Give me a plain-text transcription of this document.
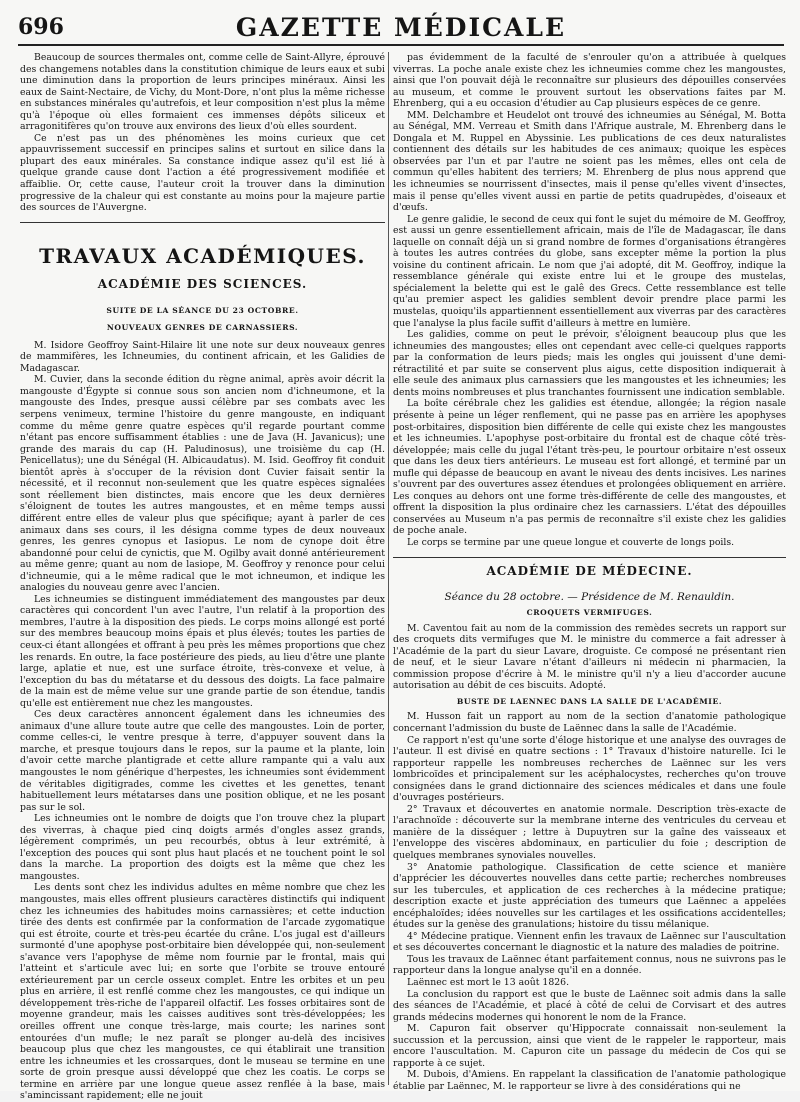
696	GAZETTE MÉDICALE

Beaucoup de sources thermales ont, comme celle de Saint-Allyre, éprouvé des changemens notables dans la constitution chimique de leurs eaux et subi une diminution dans la proportion de leurs principes minéraux. Ainsi les eaux de Saint-Nectaire, de Vichy, du Mont-Dore, n'ont plus la même richesse en substances minérales qu'autrefois, et leur composition n'est plus la même qu'à l'époque où elles formaient ces immenses dépôts siliceux et arragonitifères qu'on trouve aux environs des lieux d'où elles sourdent.

Ce n'est pas un des phénomènes les moins curieux que cet appauvrissement successif en principes salins et surtout en silice dans la plupart des eaux minérales. Sa constance indique assez qu'il est lié à quelque grande cause dont l'action a été progressivement modifiée et affaiblie. Or, cette cause, l'auteur croit la trouver dans la diminution progressive de la chaleur qui est constante au moins pour la majeure partie des sources de l'Auvergne.

TRAVAUX ACADÉMIQUES.
ACADÉMIE DES SCIENCES.
SUITE DE LA SÉANCE DU 23 OCTOBRE.
NOUVEAUX GENRES DE CARNASSIERS.

M. Isidore Geoffroy Saint-Hilaire lit une note sur deux nouveaux genres de mammifères, les Ichneumies, du continent africain, et les Galidies de Madagascar.

M. Cuvier, dans la seconde édition du règne animal, après avoir décrit la mangouste d'Égypte si connue sous son ancien nom d'ichneumone, et la mangouste des Indes, presque aussi célèbre par ses combats avec les serpens venimeux, termine l'histoire du genre mangouste, en indiquant comme du même genre quatre espèces qu'il regarde pourtant comme n'étant pas encore suffisamment établies : une de Java (H. Javanicus); une grande des marais du cap (H. Paludinosus), une troisième du cap (H. Penicellatus); une du Sénégal (H. Albicaudatus). M. Isid. Geoffroy fit conduit bientôt après à s'occuper de la révision dont Cuvier faisait sentir la nécessité, et il reconnut non-seulement que les quatre espèces signalées sont réellement bien distinctes, mais encore que les deux dernières s'éloignent de toutes les autres mangoustes, et en même temps aussi différent entre elles de valeur plus que spécifique; ayant à parler de ces animaux dans ses cours, il les désigna comme types de deux nouveaux genres, les genres cynopus et Iasiopus. Le nom de cynope doit être abandonné pour celui de cynictis, que M. Ogilby avait donné antérieurement au même genre; quant au nom de lasiope, M. Geoffroy y renonce pour celui d'ichneumie, qui a le même radical que le mot ichneumon, et indique les analogies du nouveau genre avec l'ancien.

Les ichneumies se distinguent immédiatement des mangoustes par deux caractères qui concordent l'un avec l'autre, l'un relatif à la proportion des membres, l'autre à la disposition des pieds. Le corps moins allongé est porté sur des membres beaucoup moins épais et plus élevés; toutes les parties de ceux-ci étant allongées et offrant à peu près les mêmes proportions que chez les renards. En outre, la face postérieure des pieds, au lieu d'être une plante large, aplatie et nue, est une surface étroite, très-convexe et velue, à l'exception du bas du métatarse et du dessous des doigts. La face palmaire de la main est de même velue sur une grande partie de son étendue, tandis qu'elle est entièrement nue chez les mangoustes.

Ces deux caractères annoncent également dans les ichneumies des animaux d'une allure toute autre que celle des mangoustes. Loin de porter, comme celles-ci, le ventre presque à terre, d'appuyer souvent dans la marche, et presque toujours dans le repos, sur la paume et la plante, loin d'avoir cette marche plantigrade et cette allure rampante qui a valu aux mangoustes le nom générique d'herpestes, les ichneumies sont évidemment de véritables digitigrades, comme les civettes et les genettes, tenant habituellement leurs métatarses dans une position oblique, et ne les posant pas sur le sol.

Les ichneumies ont le nombre de doigts que l'on trouve chez la plupart des viverras, à chaque pied cinq doigts armés d'ongles assez grands, légèrement comprimés, un peu recourbés, obtus à leur extrémité, à l'exception des pouces qui sont plus haut placés et ne touchent point le sol dans la marche. La proportion des doigts est la même que chez les mangoustes.

Les dents sont chez les individus adultes en même nombre que chez les mangoustes, mais elles offrent plusieurs caractères distinctifs qui indiquent chez les ichneumies des habitudes moins carnassières; et cette induction tirée des dents est confirmée par la conformation de l'arcade zygomatique qui est étroite, courte et très-peu écartée du crâne. L'os jugal est d'ailleurs surmonté d'une apophyse post-orbitaire bien développée qui, non-seulement s'avance vers l'apophyse de même nom fournie par le frontal, mais qui l'atteint et s'articule avec lui; en sorte que l'orbite se trouve entouré extérieurement par un cercle osseux complet. Entre les orbites et un peu plus en arrière, il est renflé comme chez les mangoustes, ce qui indique un développement très-riche de l'appareil olfactif. Les fosses orbitaires sont de moyenne grandeur, mais les caisses auditives sont très-développées; les oreilles offrent une conque très-large, mais courte; les narines sont entourées d'un mufle; le nez paraît se plonger au-delà des incisives beaucoup plus que chez les mangoustes, ce qui établirait une transition entre les ichneumies et les crossarques, dont le museau se termine en une sorte de groin presque aussi développé que chez les coatis. Le corps se termine en arrière par une longue queue assez renflée à la base, mais s'amincissant rapidement; elle ne jouit

pas évidemment de la faculté de s'enrouler qu'on a attribuée à quelques viverras. La poche anale existe chez les ichneumies comme chez les mangoustes, ainsi que l'on pouvait déjà le reconnaître sur plusieurs des dépouilles conservées au museum, et comme le prouvent surtout les observations faites par M. Ehrenberg, qui a eu occasion d'étudier au Cap plusieurs espèces de ce genre.

MM. Delchambre et Heudelot ont trouvé des ichneumies au Sénégal, M. Botta au Sénégal, MM. Verreau et Smith dans l'Afrique australe, M. Ehrenberg dans le Dongala et M. Ruppel en Abyssinie. Les publications de ces deux naturalistes contiennent des détails sur les habitudes de ces animaux; quoique les espèces observées par l'un et par l'autre ne soient pas les mêmes, elles ont cela de commun qu'elles habitent des terriers; M. Ehrenberg de plus nous apprend que les ichneumies se nourrissent d'insectes, mais il pense qu'elles vivent d'insectes, mais il pense qu'elles vivent aussi en partie de petits quadrupèdes, d'oiseaux et d'œufs.

Le genre galidie, le second de ceux qui font le sujet du mémoire de M. Geoffroy, est aussi un genre essentiellement africain, mais de l'île de Madagascar, île dans laquelle on connaît déjà un si grand nombre de formes d'organisations étrangères à toutes les autres contrées du globe, sans excepter même la portion la plus voisine du continent africain. Le nom que j'ai adopté, dit M. Geoffroy, indique la ressemblance générale qui existe entre lui et le groupe des mustelas, spécialement la belette qui est le galê des Grecs. Cette ressemblance est telle qu'au premier aspect les galidies semblent devoir prendre place parmi les mustelas, quoiqu'ils appartiennent essentiellement aux viverras par des caractères que l'analyse la plus facile suffit d'ailleurs à mettre en lumière.

Les galidies, comme on peut le prévoir, s'éloignent beaucoup plus que les ichneumies des mangoustes; elles ont cependant avec celle-ci quelques rapports par la conformation de leurs pieds; mais les ongles qui jouissent d'une demi-rétractilité et par suite se conservent plus aigus, cette disposition indiquerait à elle seule des animaux plus carnassiers que les mangoustes et les ichneumies; les dents moins nombreuses et plus tranchantes fournissent une indication semblable.

La boîte cérébrale chez les galidies est étendue, allongée; la région nasale présente à peine un léger renflement, qui ne passe pas en arrière les apophyses post-orbitaires, disposition bien différente de celle qui existe chez les mangoustes et les ichneumies. L'apophyse post-orbitaire du frontal est de chaque côté très-développée; mais celle du jugal l'étant très-peu, le pourtour orbitaire n'est osseux que dans les deux tiers antérieurs. Le museau est fort allongé, et terminé par un mufle qui dépasse de beaucoup en avant le niveau des dents incisives. Les narines s'ouvrent par des ouvertures assez étendues et prolongées obliquement en arrière. Les conques au dehors ont une forme très-différente de celle des mangoustes, et offrent la disposition la plus ordinaire chez les carnassiers. L'état des dépouilles conservées au Museum n'a pas permis de reconnaître s'il existe chez les galidies de poche anale.

Le corps se termine par une queue longue et couverte de longs poils.

ACADÉMIE DE MÉDECINE.
Séance du 28 octobre. — Présidence de M. Renauldin.
CROQUETS VERMIFUGES.

M. Caventou fait au nom de la commission des remèdes secrets un rapport sur des croquets dits vermifuges que M. le ministre du commerce a fait adresser à l'Académie de la part du sieur Lavare, droguiste. Ce composé ne présentant rien de neuf, et le sieur Lavare n'étant d'ailleurs ni médecin ni pharmacien, la commission propose d'écrire à M. le ministre qu'il n'y a lieu d'accorder aucune autorisation au débit de ces biscuits. Adopté.

BUSTE DE LAENNEC DANS LA SALLE DE L'ACADÉMIE.

M. Husson fait un rapport au nom de la section d'anatomie pathologique concernant l'admission du buste de Laënnec dans la salle de l'Académie.

Ce rapport n'est qu'une sorte d'éloge historique et une analyse des ouvrages de l'auteur. Il est divisé en quatre sections : 1° Travaux d'histoire naturelle. Ici le rapporteur rappelle les nombreuses recherches de Laënnec sur les vers lombricoïdes et principalement sur les acéphalocystes, recherches qu'on trouve consignées dans le grand dictionnaire des sciences médicales et dans une foule d'ouvrages postérieurs.

2° Travaux et découvertes en anatomie normale. Description très-exacte de l'arachnoïde : découverte sur la membrane interne des ventricules du cerveau et manière de la disséquer ; lettre à Dupuytren sur la gaîne des vaisseaux et l'enveloppe des viscères abdominaux, en particulier du foie ; description de quelques membranes synoviales nouvelles.

3° Anatomie pathologique. Classification de cette science et manière d'apprécier les découvertes nouvelles dans cette partie; recherches nombreuses sur les tubercules, et application de ces recherches à la médecine pratique; description exacte et juste appréciation des tumeurs que Laënnec a appelées encéphaloïdes; idées nouvelles sur les cartilages et les ossifications accidentelles; études sur la genèse des granulations; histoire du tissu mélanique.

4° Médecine pratique. Viennent enfin les travaux de Laënnec sur l'auscultation et ses découvertes concernant le diagnostic et la nature des maladies de poitrine.

Tous les travaux de Laënnec étant parfaitement connus, nous ne suivrons pas le rapporteur dans la longue analyse qu'il en a donnée.

Laënnec est mort le 13 août 1826.

La conclusion du rapport est que le buste de Laënnec soit admis dans la salle des séances de l'Académie, et placé à côté de celui de Corvisart et des autres grands médecins modernes qui honorent le nom de la France.

M. Capuron fait observer qu'Hippocrate connaissait non-seulement la succussion et la percussion, ainsi que vient de le rappeler le rapporteur, mais encore l'auscultation. M. Capuron cite un passage du médecin de Cos qui se rapporte à ce sujet.

M. Dubois, d'Amiens. En rappelant la classification de l'anatomie pathologique établie par Laënnec, M. le rapporteur se livre à des considérations qui ne
